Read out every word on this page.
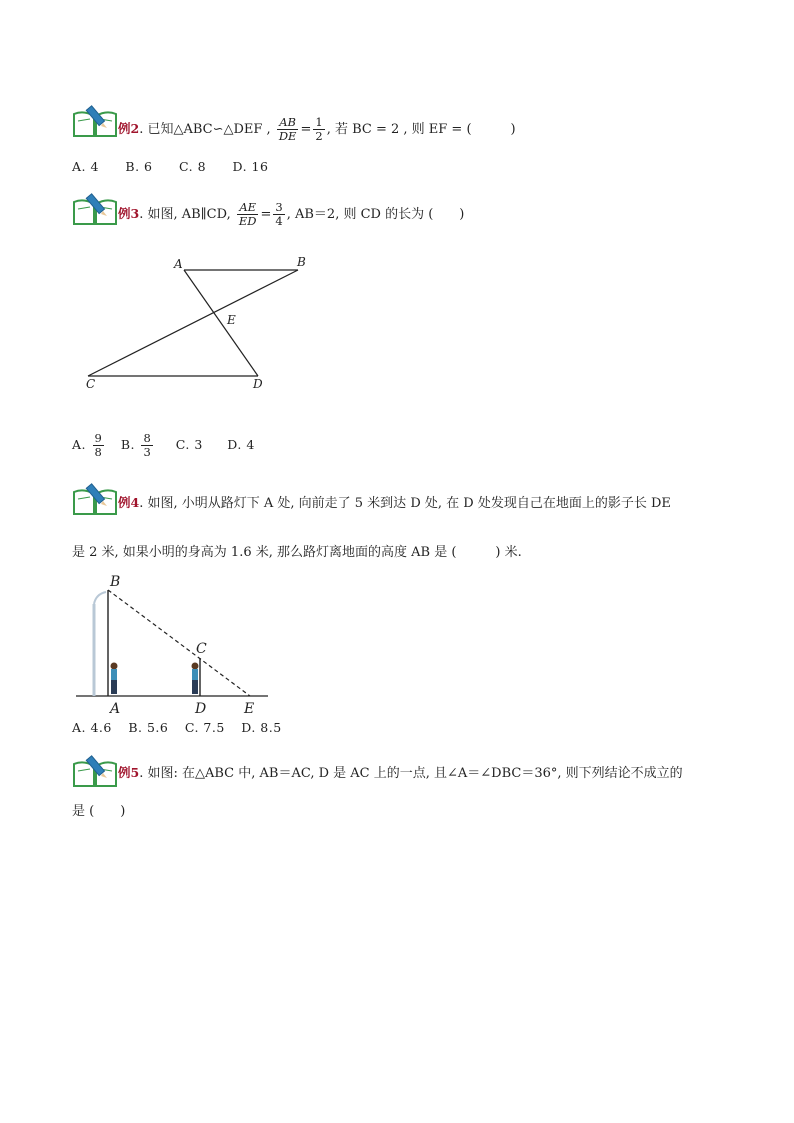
例2. 已知△ABC∽△DEF , $\frac{AB}{DE} = \frac{1}{2}$ , 若 BC = 2 , 则 EF = (　　　)
A. 4 B. 6 C. 8 D. 16
例3. 如图, AB∥CD, $\frac{AE}{ED} = \frac{3}{4}$ , AB＝2, 则 CD 的长为 (　　)
A	B
E
C	D
A. $\frac{9}{8} B$. $\frac{8}{3} C$. 3 D. 4
例4. 如图, 小明从路灯下 A 处, 向前走了 5 米到达 D 处, 在 D 处发现自己在地面上的影子长 DE
是 2 米, 如果小明的身高为 1.6 米, 那么路灯离地面的高度 AB 是 (　　　) 米.
B
C
A	D	E
A. 4.6 B. 5.6 C. 7.5 D. 8.5
例5. 如图: 在△ABC 中, AB＝AC, D 是 AC 上的一点, 且∠A＝∠DBC＝36°, 则下列结论不成立的
是 (　　)
